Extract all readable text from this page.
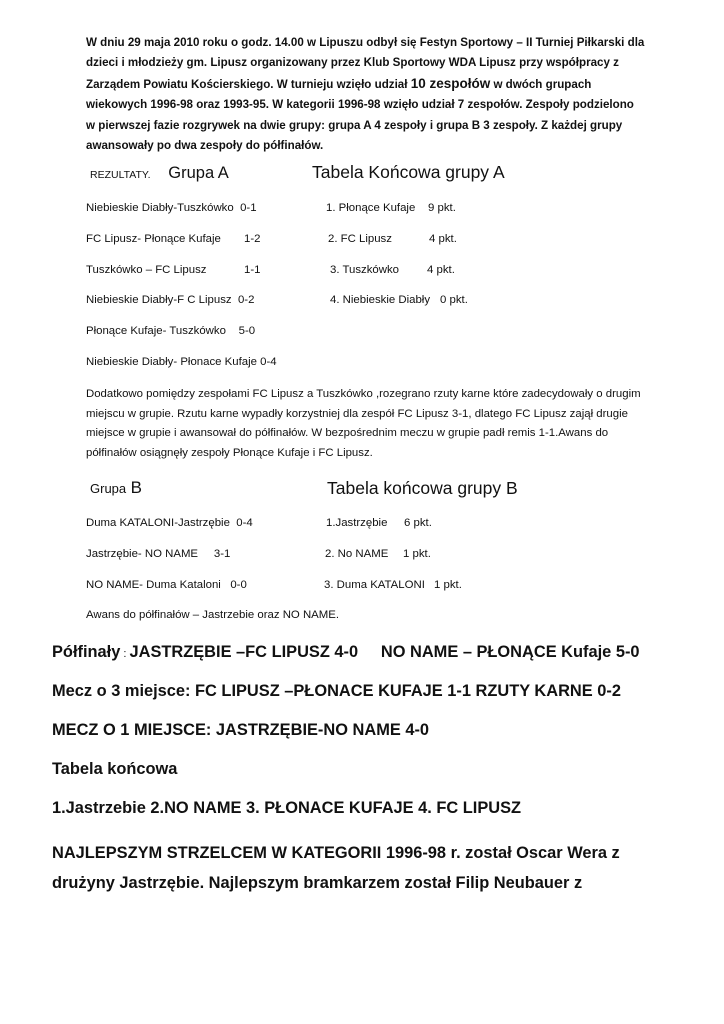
W dniu 29 maja 2010 roku o godz. 14.00 w Lipuszu odbył się Festyn Sportowy – II Turniej Piłkarski dla dzieci i młodzieży gm. Lipusz organizowany przez Klub Sportowy WDA Lipusz przy współpracy z Zarządem Powiatu Kościerskiego. W turnieju wzięło udział 10 zespołów w dwóch grupach wiekowych 1996-98 oraz 1993-95. W kategorii 1996-98 wzięło udział 7 zespołów. Zespoły podzielono w pierwszej fazie rozgrywek na dwie grupy: grupa A 4 zespoły i grupa B 3 zespoły. Z każdej grupy awansowały po dwa zespoły do półfinałów.
REZULTATY. Grupa A	Tabela Końcowa grupy A
Niebieskie Diabły-Tuszkówko 0-1
FC Lipusz- Płonące Kufaje 1-2
Tuszkówko – FC Lipusz	1-1
Niebieskie Diabły-F C Lipusz 0-2
Płonące Kufaje- Tuszkówko 5-0
Niebieskie Diabły- Płonace Kufaje 0-4
1. Płonące Kufaje 9 pkt.
2. FC Lipusz	4 pkt.
3. Tuszkówko 4 pkt.
4. Niebieskie Diabły 0 pkt.
Dodatkowo pomiędzy zespołami FC Lipusz a Tuszkówko ,rozegrano rzuty karne które zadecydowały o drugim miejscu w grupie. Rzutu karne wypadły korzystniej dla zespół FC Lipusz 3-1, dlatego FC Lipusz zajął drugie miejsce w grupie i awansował do półfinałów. W bezpośrednim meczu w grupie padł remis 1-1.Awans do półfinałów osiągnęły zespoły Płonące Kufaje i FC Lipusz.
Grupa B	Tabela końcowa grupy B
Duma KATALONI-Jastrzębie 0-4
Jastrzębie- NO NAME 3-1
NO NAME- Duma Kataloni 0-0
1.Jastrzębie 6 pkt.
2. No NAME 1 pkt.
3. Duma KATALONI 1 pkt.
Awans do półfinałów – Jastrzebie oraz NO NAME.
Półfinały : JASTRZĘBIE –FC LIPUSZ 4-0     NO NAME – PŁONĄCE Kufaje 5-0
Mecz o 3 miejsce: FC LIPUSZ –PŁONACE KUFAJE 1-1 RZUTY KARNE 0-2
MECZ O 1 MIEJSCE: JASTRZĘBIE-NO NAME 4-0
Tabela końcowa
1.Jastrzebie 2.NO NAME 3. PŁONACE KUFAJE 4. FC LIPUSZ
NAJLEPSZYM STRZELCEM W KATEGORII 1996-98 r. został Oscar Wera z drużyny Jastrzębie. Najlepszym bramkarzem został Filip Neubauer z
